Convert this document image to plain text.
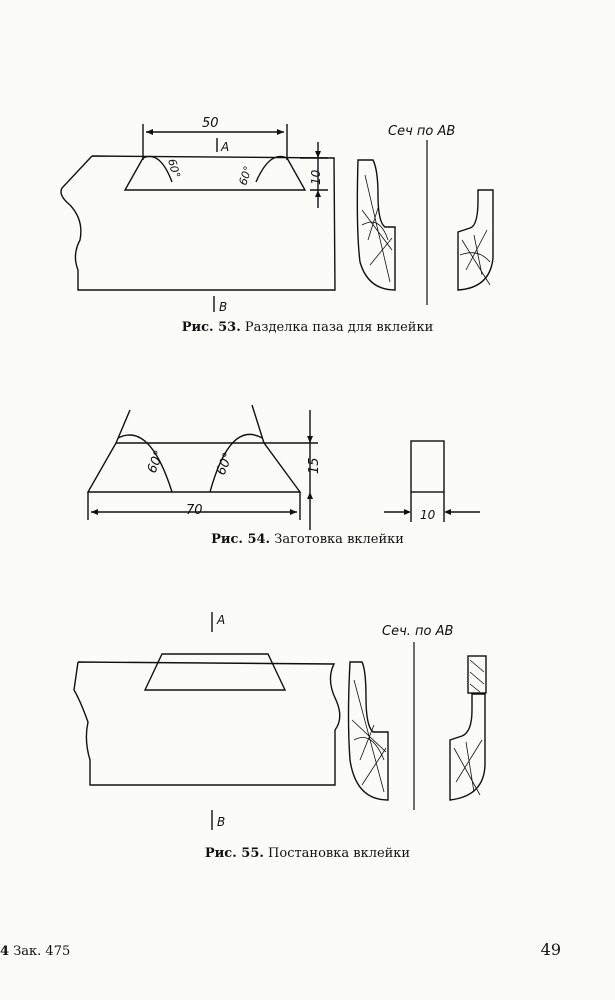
50
A
60°	60°	10
B
Сеч по АВ
60°	60°
70
15
10
A
B
Сеч. по АВ
Рис. 53. Разделка паза для вклейки
Рис. 54. Заготовка вклейки
Рис. 55. Постановка вклейки
4 Зак. 475	49
